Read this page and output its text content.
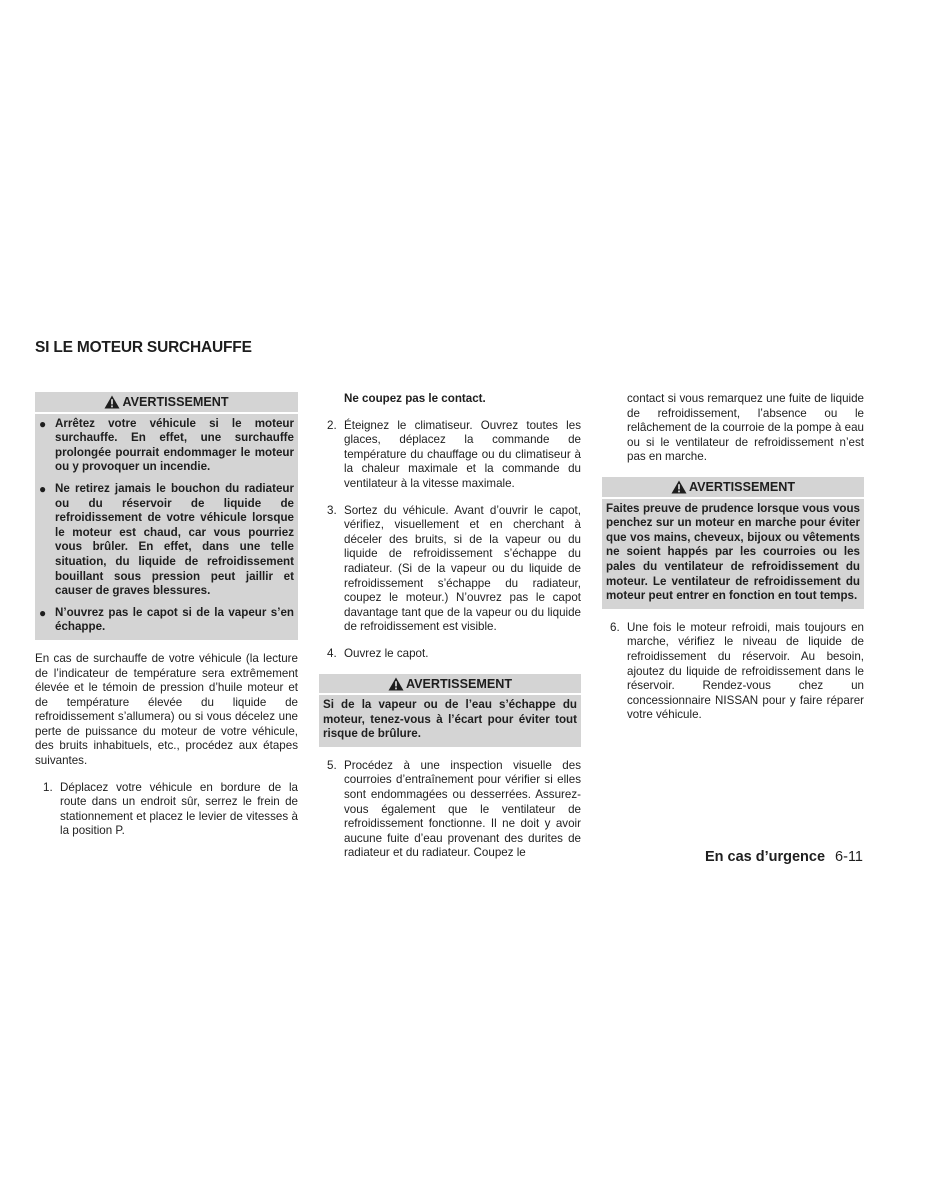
SI LE MOTEUR SURCHAUFFE
AVERTISSEMENT
● Arrêtez votre véhicule si le moteur surchauffe. En effet, une surchauffe prolongée pourrait endommager le moteur ou y provoquer un incendie.
● Ne retirez jamais le bouchon du radiateur ou du réservoir de liquide de refroidissement de votre véhicule lorsque le moteur est chaud, car vous pourriez vous brûler. En effet, dans une telle situation, du liquide de refroidissement bouillant sous pression peut jaillir et causer de graves blessures.
● N’ouvrez pas le capot si de la vapeur s’en échappe.

En cas de surchauffe de votre véhicule (la lecture de l’indicateur de température sera extrêmement élevée et le témoin de pression d’huile moteur et de température élevée du liquide de refroidissement s’allumera) ou si vous décelez une perte de puissance du moteur de votre véhicule, des bruits inhabituels, etc., procédez aux étapes suivantes.

1. Déplacez votre véhicule en bordure de la route dans un endroit sûr, serrez le frein de stationnement et placez le levier de vitesses à la position P.

Ne coupez pas le contact.

2. Éteignez le climatiseur. Ouvrez toutes les glaces, déplacez la commande de température du chauffage ou du climatiseur à la chaleur maximale et la commande du ventilateur à la vitesse maximale.
3. Sortez du véhicule. Avant d’ouvrir le capot, vérifiez, visuellement et en cherchant à déceler des bruits, si de la vapeur ou du liquide de refroidissement s’échappe du radiateur. (Si de la vapeur ou du liquide de refroidissement s’échappe du radiateur, coupez le moteur.) N’ouvrez pas le capot davantage tant que de la vapeur ou du liquide de refroidissement est visible.
4. Ouvrez le capot.
AVERTISSEMENT
Si de la vapeur ou de l’eau s’échappe du moteur, tenez-vous à l’écart pour éviter tout risque de brûlure.
5. Procédez à une inspection visuelle des courroies d’entraînement pour vérifier si elles sont endommagées ou desserrées. Assurez-vous également que le ventilateur de refroidissement fonctionne. Il ne doit y avoir aucune fuite d’eau provenant des durites de radiateur et du radiateur. Coupez le

contact si vous remarquez une fuite de liquide de refroidissement, l’absence ou le relâchement de la courroie de la pompe à eau ou si le ventilateur de refroidissement n’est pas en marche.

AVERTISSEMENT
Faites preuve de prudence lorsque vous vous penchez sur un moteur en marche pour éviter que vos mains, cheveux, bijoux ou vêtements ne soient happés par les courroies ou les pales du ventilateur de refroidissement du moteur. Le ventilateur de refroidissement du moteur peut entrer en fonction en tout temps.
6. Une fois le moteur refroidi, mais toujours en marche, vérifiez le niveau de liquide de refroidissement du réservoir. Au besoin, ajoutez du liquide de refroidissement dans le réservoir. Rendez-vous chez un concessionnaire NISSAN pour y faire réparer votre véhicule.
En cas d’urgence 6-11
